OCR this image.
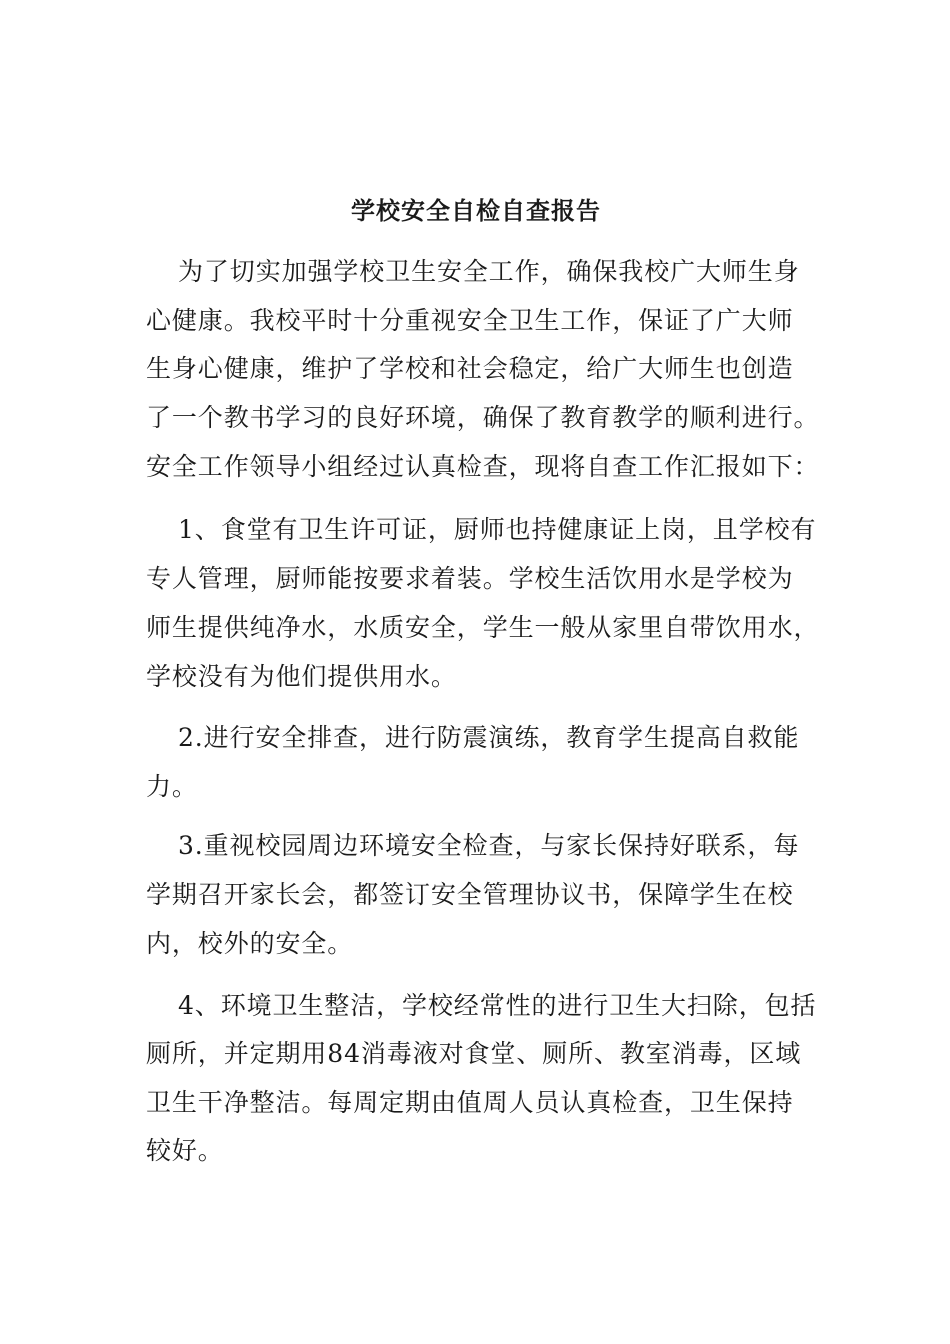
学校安全自检自查报告
为了切实加强学校卫生安全工作，确保我校广大师生身
心健康。我校平时十分重视安全卫生工作，保证了广大师
生身心健康，维护了学校和社会稳定，给广大师生也创造
了一个教书学习的良好环境，确保了教育教学的顺利进行。
安全工作领导小组经过认真检查，现将自查工作汇报如下：
1、食堂有卫生许可证，厨师也持健康证上岗，且学校有
专人管理，厨师能按要求着装。学校生活饮用水是学校为
师生提供纯净水，水质安全，学生一般从家里自带饮用水，
学校没有为他们提供用水。
2.进行安全排查，进行防震演练，教育学生提高自救能
力。
3.重视校园周边环境安全检查，与家长保持好联系，每
学期召开家长会，都签订安全管理协议书，保障学生在校
内，校外的安全。
4、环境卫生整洁，学校经常性的进行卫生大扫除，包括
厕所，并定期用84消毒液对食堂、厕所、教室消毒，区域
卫生干净整洁。每周定期由值周人员认真检查，卫生保持
较好。
